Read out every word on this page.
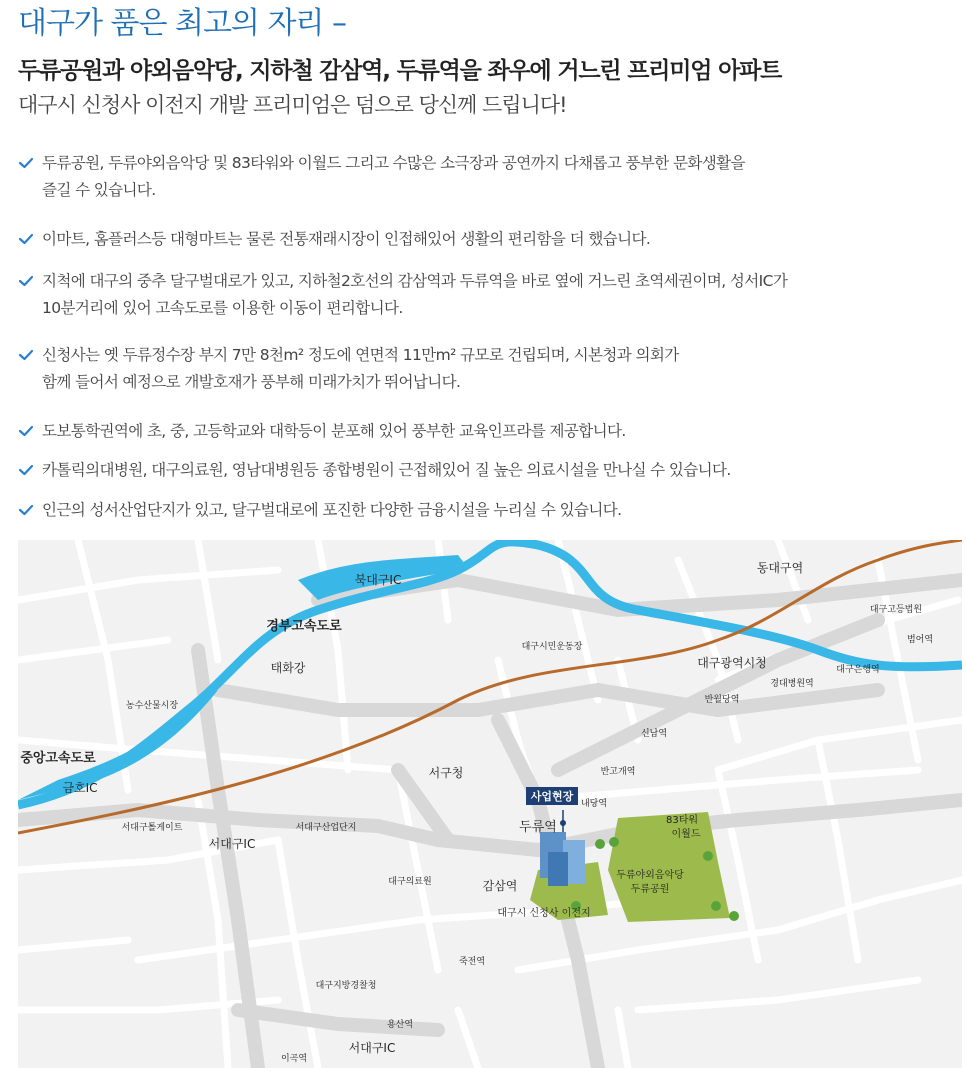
대구가 품은 최고의 자리 –
두류공원과 야외음악당, 지하철 감삼역, 두류역을 좌우에 거느린 프리미엄 아파트
대구시 신청사 이전지 개발 프리미엄은 덤으로 당신께 드립니다!
두류공원, 두류야외음악당 및 83타워와 이월드 그리고 수많은 소극장과 공연까지 다채롭고 풍부한 문화생활을
즐길 수 있습니다.
이마트, 홈플러스등 대형마트는 물론 전통재래시장이 인접해있어 생활의 편리함을 더 했습니다.
지척에 대구의 중추 달구벌대로가 있고, 지하철2호선의 감삼역과 두류역을 바로 옆에 거느린 초역세권이며, 성서IC가
10분거리에 있어 고속도로를 이용한 이동이 편리합니다.
신청사는 옛 두류정수장 부지 7만 8천m² 정도에 연면적 11만m² 규모로 건립되며, 시본청과 의회가
함께 들어서 예정으로 개발호재가 풍부해 미래가치가 뛰어납니다.
도보통학권역에 초, 중, 고등학교와 대학등이 분포해 있어 풍부한 교육인프라를 제공합니다.
카톨릭의대병원, 대구의료원, 영남대병원등 종합병원이 근접해있어 질 높은 의료시설을 만나실 수 있습니다.
인근의 성서산업단지가 있고, 달구벌대로에 포진한 다양한 금융시설을 누리실 수 있습니다.
사업현장
북대구IC
동대구역
대구고등법원
범어역
대구은행역
경부고속도로
태화강
대구시민운동장
대구광역시청
경대병원역
반월당역
농수산물시장
신남역
중앙고속도로
금호IC
서구청	반고개역
내당역
서대구톨게이트
서대구IC
서대구산업단지	두류역	83타워
이월드
두류야외음악당
두류공원
대구의료원	감삼역
대구시 신청사 이전지
죽전역
대구지방경찰청
용산역
서대구IC
이곡역
